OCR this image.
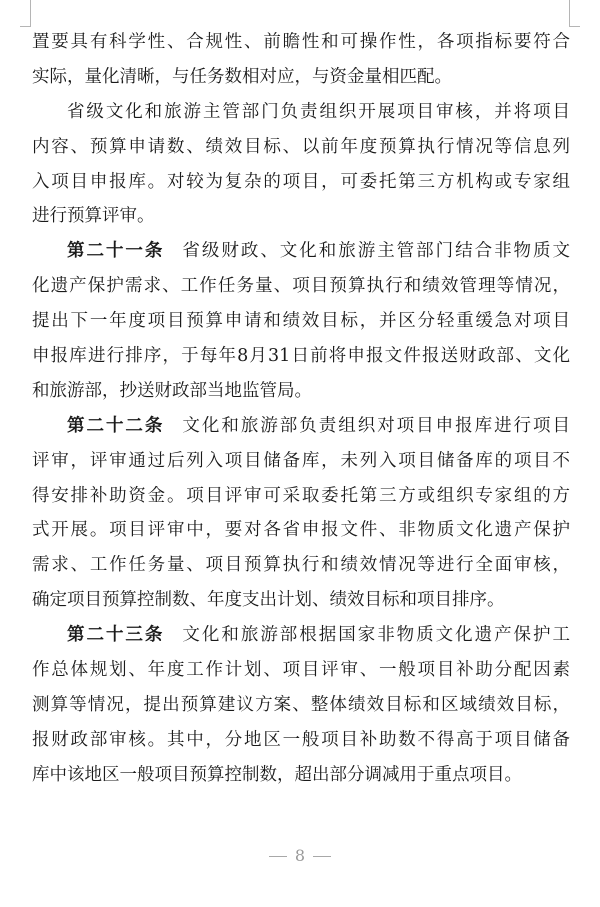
置要具有科学性、合规性、前瞻性和可操作性，各项指标要符合
实际，量化清晰，与任务数相对应，与资金量相匹配。
省级文化和旅游主管部门负责组织开展项目审核，并将项目
内容、预算申请数、绩效目标、以前年度预算执行情况等信息列
入项目申报库。对较为复杂的项目，可委托第三方机构或专家组
进行预算评审。
第二十一条 省级财政、文化和旅游主管部门结合非物质文
化遗产保护需求、工作任务量、项目预算执行和绩效管理等情况，
提出下一年度项目预算申请和绩效目标，并区分轻重缓急对项目
申报库进行排序，于每年8月31日前将申报文件报送财政部、文化
和旅游部，抄送财政部当地监管局。
第二十二条 文化和旅游部负责组织对项目申报库进行项目
评审，评审通过后列入项目储备库，未列入项目储备库的项目不
得安排补助资金。项目评审可采取委托第三方或组织专家组的方
式开展。项目评审中，要对各省申报文件、非物质文化遗产保护
需求、工作任务量、项目预算执行和绩效情况等进行全面审核，
确定项目预算控制数、年度支出计划、绩效目标和项目排序。
第二十三条 文化和旅游部根据国家非物质文化遗产保护工
作总体规划、年度工作计划、项目评审、一般项目补助分配因素
测算等情况，提出预算建议方案、整体绩效目标和区域绩效目标，
报财政部审核。其中，分地区一般项目补助数不得高于项目储备
库中该地区一般项目预算控制数，超出部分调减用于重点项目。
8
